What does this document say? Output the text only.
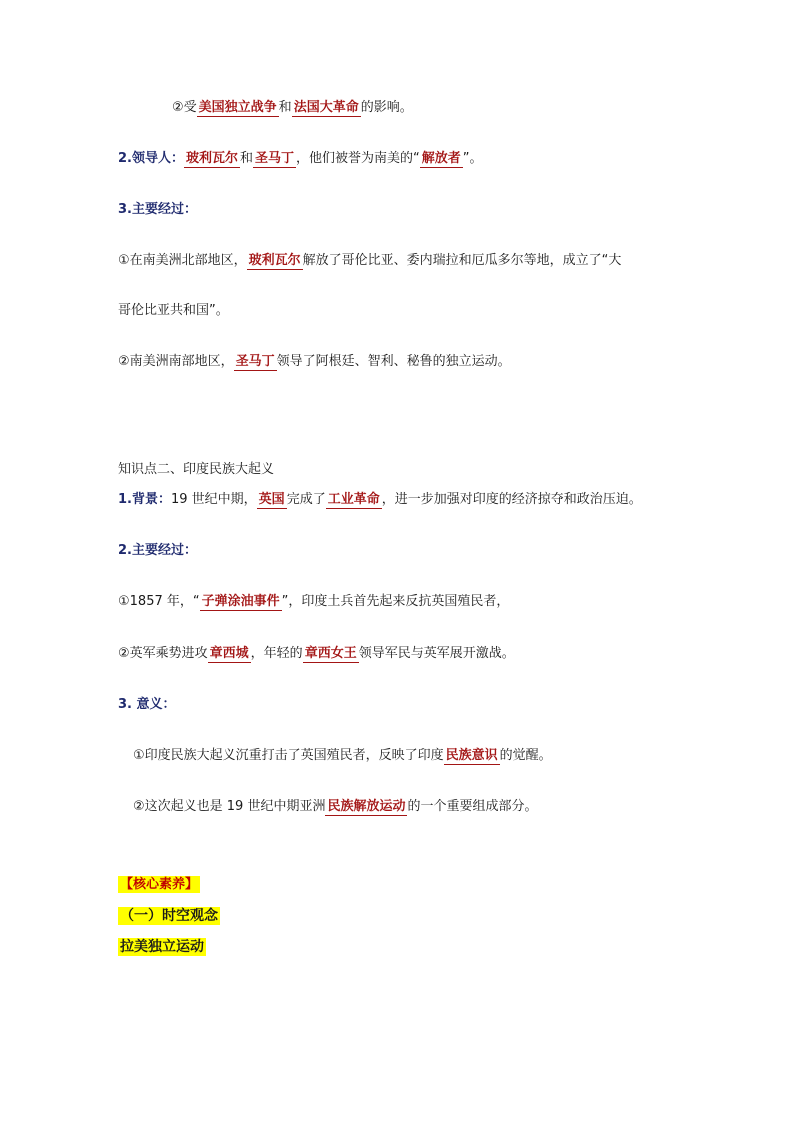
②受 美国独立战争 和 法国大革命 的影响。
2.领导人： 玻利瓦尔 和 圣马丁 ，他们被誉为南美的“ 解放者 ”。
3.主要经过：
①在南美洲北部地区， 玻利瓦尔 解放了哥伦比亚、委内瑞拉和厄瓜多尔等地，成立了“大
哥伦比亚共和国”。
②南美洲南部地区， 圣马丁 领导了阿根廷、智利、秘鲁的独立运动。
知识点二、印度民族大起义
1.背景：19 世纪中期， 英国 完成了 工业革命 ，进一步加强对印度的经济掠夺和政治压迫。
2.主要经过：
①1857 年，“ 子弹涂油事件 ”，印度土兵首先起来反抗英国殖民者，
②英军乘势进攻 章西城 ，年轻的 章西女王 领导军民与英军展开激战。
3. 意义：
①印度民族大起义沉重打击了英国殖民者，反映了印度 民族意识 的觉醒。
②这次起义也是 19 世纪中期亚洲 民族解放运动 的一个重要组成部分。
【核心素养】
（一）时空观念
拉美独立运动
